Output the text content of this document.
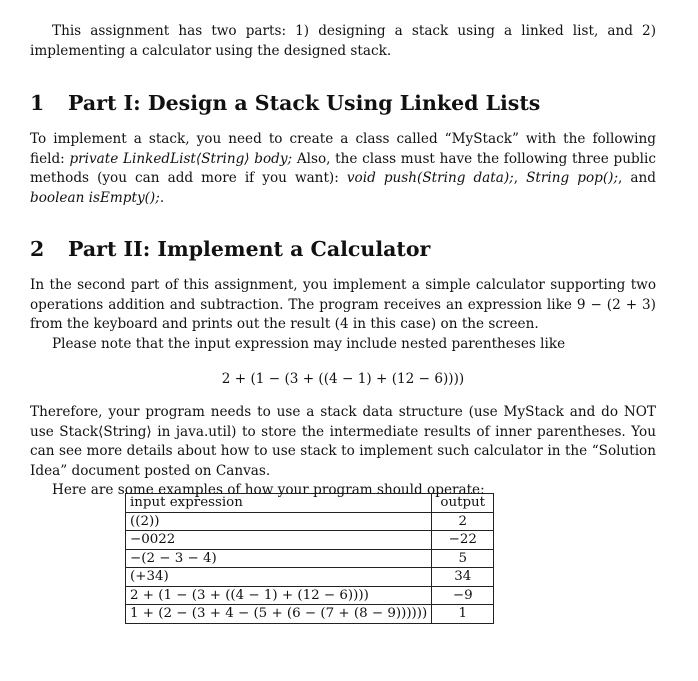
This assignment has two parts: 1) designing a stack using a linked list, and 2) implementing a calculator using the designed stack.

1	Part I: Design a Stack Using Linked Lists

To implement a stack, you need to create a class called “MyStack” with the following field: private LinkedList⟨String⟩ body; Also, the class must have the following three public methods (you can add more if you want): void push(String data);, String pop();, and boolean isEmpty();.

2	Part II: Implement a Calculator

In the second part of this assignment, you implement a simple calculator supporting two operations addition and subtraction. The program receives an expression like 9 − (2 + 3) from the keyboard and prints out the result (4 in this case) on the screen.

Please note that the input expression may include nested parentheses like

2 + (1 − (3 + ((4 − 1) + (12 − 6))))

Therefore, your program needs to use a stack data structure (use MyStack and do NOT use Stack⟨String⟩ in java.util) to store the intermediate results of inner parentheses. You can see more details about how to use stack to implement such calculator in the “Solution Idea” document posted on Canvas.

Here are some examples of how your program should operate:

input expression	output
((2))	2
−0022	−22
−(2 − 3 − 4)	5
(+34)	34
2 + (1 − (3 + ((4 − 1) + (12 − 6))))	−9
1 + (2 − (3 + 4 − (5 + (6 − (7 + (8 − 9))))))	1
